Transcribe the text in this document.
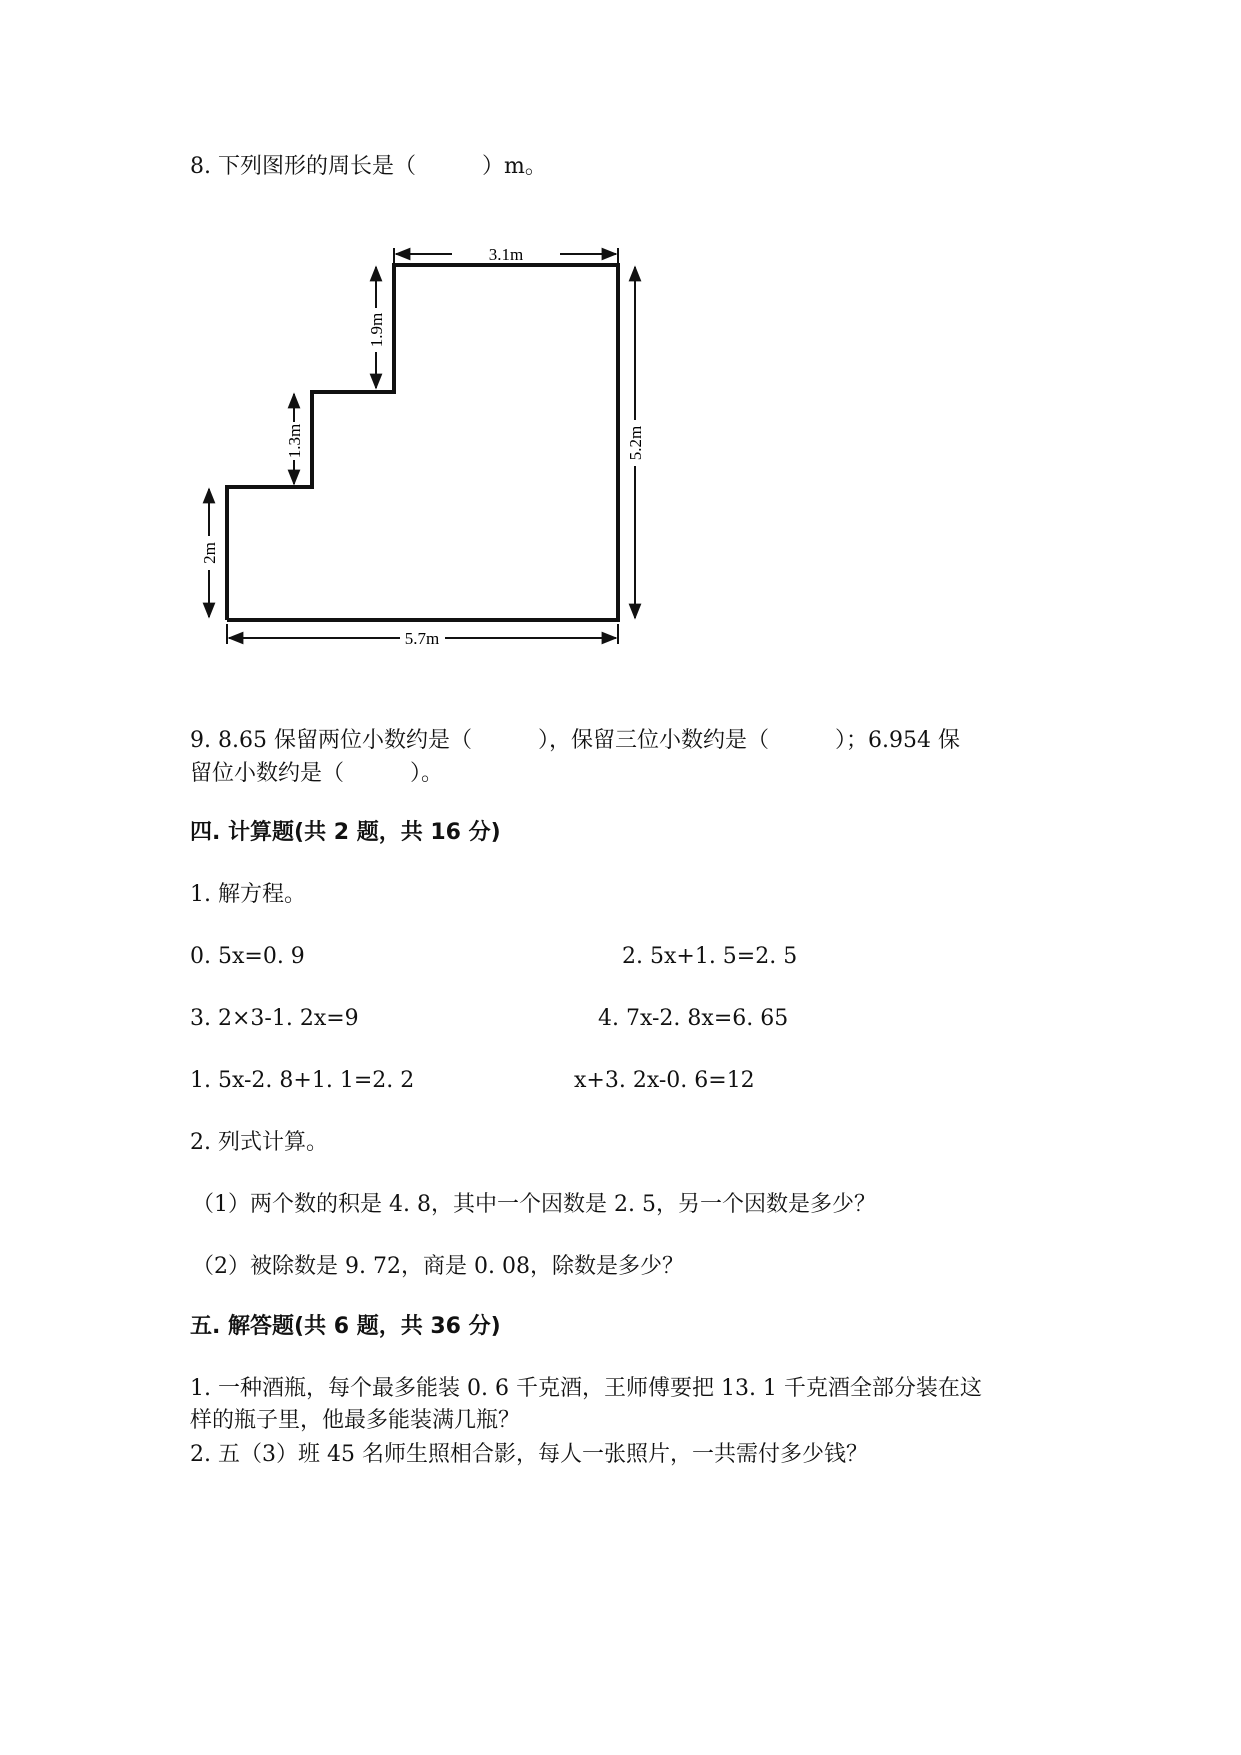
8. 下列图形的周长是（　　　）m。
3.1m
1.9m
1.3m
2m
5.2m
5.7m
9. 8.65 保留两位小数约是（　　　），保留三位小数约是（　　　）；6.954 保
留位小数约是（　　　）。
四. 计算题(共 2 题，共 16 分)
1. 解方程。
0. 5x=0. 9	2. 5x+1. 5=2. 5
3. 2×3-1. 2x=9	4. 7x-2. 8x=6. 65
1. 5x-2. 8+1. 1=2. 2	x+3. 2x-0. 6=12
2. 列式计算。
（1）两个数的积是 4. 8，其中一个因数是 2. 5，另一个因数是多少？
（2）被除数是 9. 72，商是 0. 08，除数是多少？
五. 解答题(共 6 题，共 36 分)
1. 一种酒瓶，每个最多能装 0. 6 千克酒，王师傅要把 13. 1 千克酒全部分装在这
样的瓶子里，他最多能装满几瓶？
2. 五（3）班 45 名师生照相合影，每人一张照片，一共需付多少钱？
